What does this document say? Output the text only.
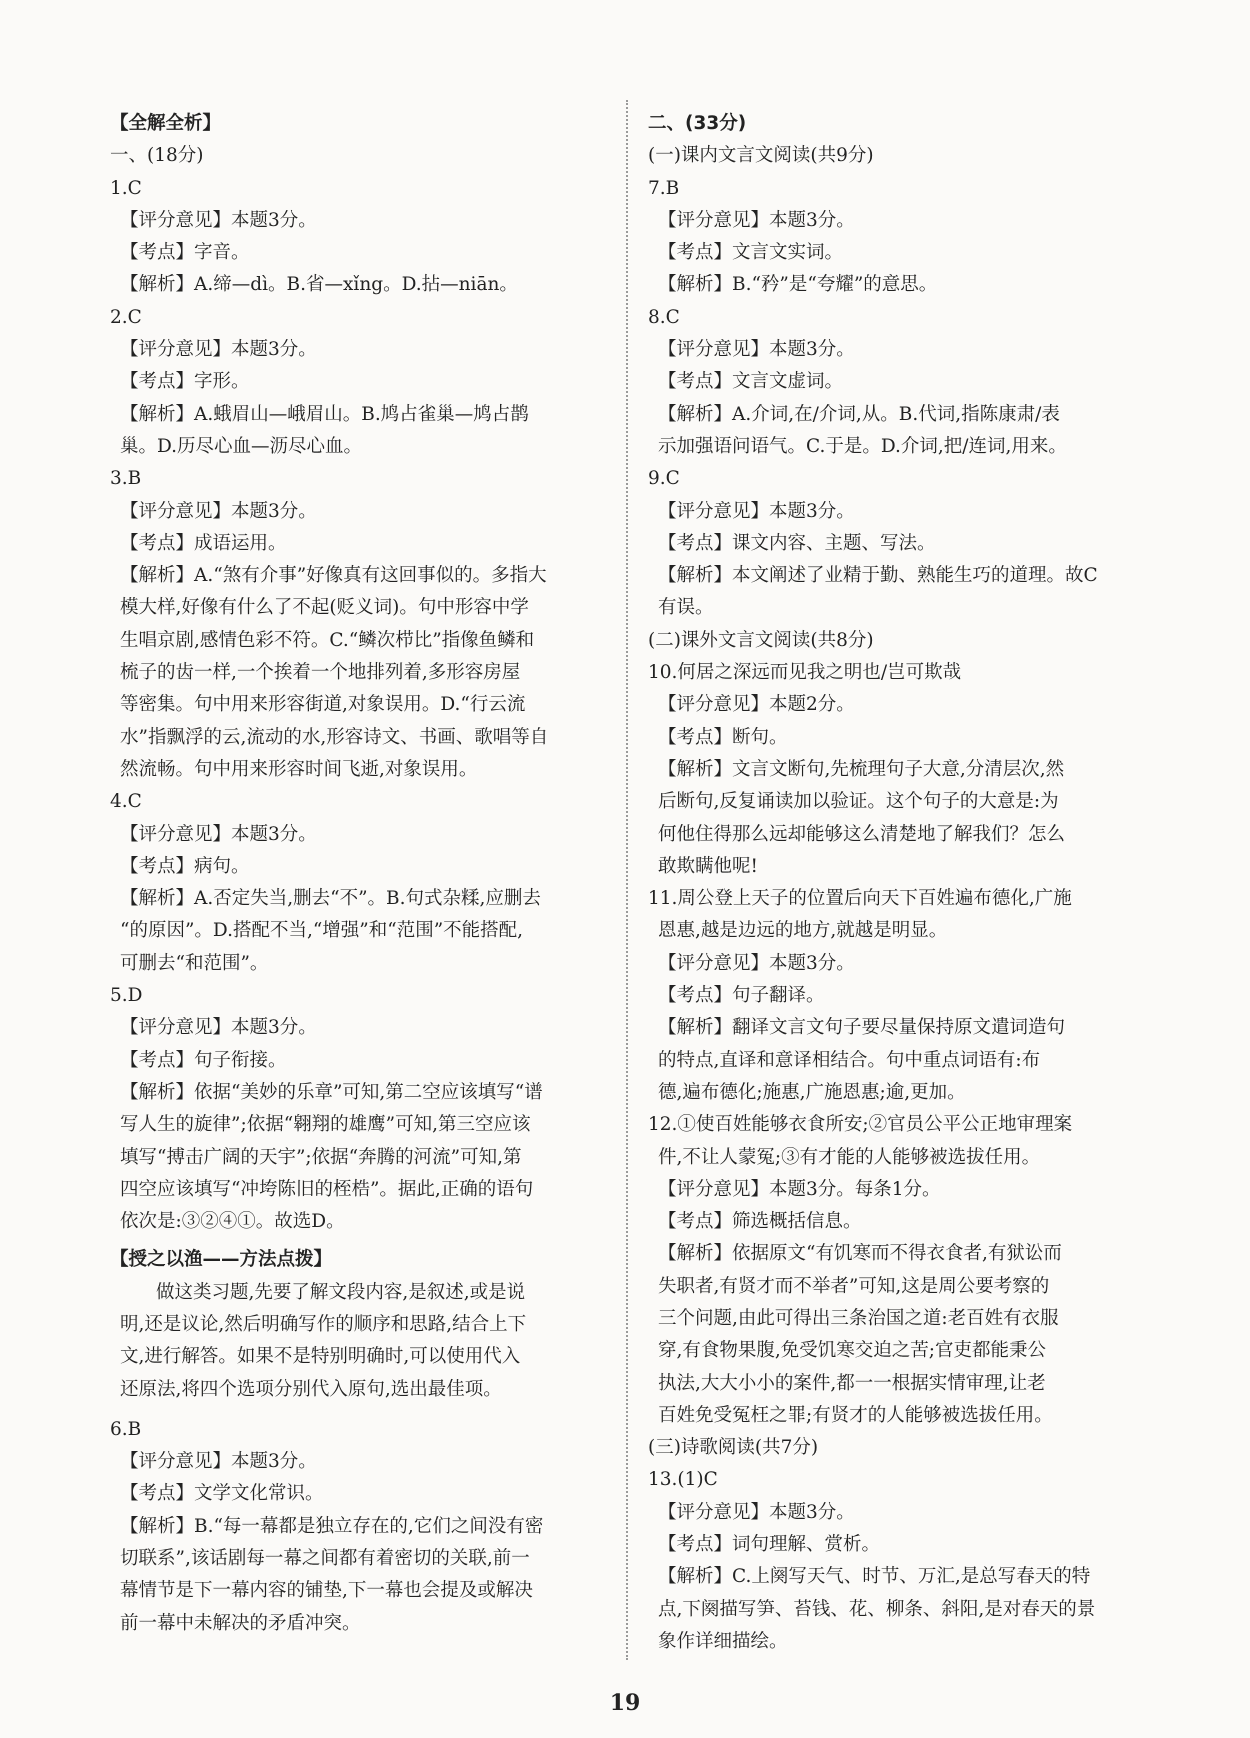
【全解全析】
一、(18分)
1.C
【评分意见】本题3分。
【考点】字音。
【解析】A.缔—dì。B.省—xǐng。D.拈—niān。
2.C
【评分意见】本题3分。
【考点】字形。
【解析】A.蛾眉山—峨眉山。B.鸠占雀巢—鸠占鹊
巢。D.历尽心血—沥尽心血。
3.B
【评分意见】本题3分。
【考点】成语运用。
【解析】A.“煞有介事”好像真有这回事似的。多指大
模大样,好像有什么了不起(贬义词)。句中形容中学
生唱京剧,感情色彩不符。C.“鳞次栉比”指像鱼鳞和
梳子的齿一样,一个挨着一个地排列着,多形容房屋
等密集。句中用来形容街道,对象误用。D.“行云流
水”指飘浮的云,流动的水,形容诗文、书画、歌唱等自
然流畅。句中用来形容时间飞逝,对象误用。
4.C
【评分意见】本题3分。
【考点】病句。
【解析】A.否定失当,删去“不”。B.句式杂糅,应删去
“的原因”。D.搭配不当,“增强”和“范围”不能搭配,
可删去“和范围”。
5.D
【评分意见】本题3分。
【考点】句子衔接。
【解析】依据“美妙的乐章”可知,第二空应该填写“谱
写人生的旋律”;依据“翱翔的雄鹰”可知,第三空应该
填写“搏击广阔的天宇”;依据“奔腾的河流”可知,第
四空应该填写“冲垮陈旧的桎梏”。据此,正确的语句
依次是:③②④①。故选D。
【授之以渔——方法点拨】
做这类习题,先要了解文段内容,是叙述,或是说
明,还是议论,然后明确写作的顺序和思路,结合上下
文,进行解答。如果不是特别明确时,可以使用代入
还原法,将四个选项分别代入原句,选出最佳项。
6.B
【评分意见】本题3分。
【考点】文学文化常识。
【解析】B.“每一幕都是独立存在的,它们之间没有密
切联系”,该话剧每一幕之间都有着密切的关联,前一
幕情节是下一幕内容的铺垫,下一幕也会提及或解决
前一幕中未解决的矛盾冲突。
二、(33分)
(一)课内文言文阅读(共9分)
7.B
【评分意见】本题3分。
【考点】文言文实词。
【解析】B.“矜”是“夸耀”的意思。
8.C
【评分意见】本题3分。
【考点】文言文虚词。
【解析】A.介词,在/介词,从。B.代词,指陈康肃/表
示加强语问语气。C.于是。D.介词,把/连词,用来。
9.C
【评分意见】本题3分。
【考点】课文内容、主题、写法。
【解析】本文阐述了业精于勤、熟能生巧的道理。故C
有误。
(二)课外文言文阅读(共8分)
10.何居之深远而见我之明也/岂可欺哉
【评分意见】本题2分。
【考点】断句。
【解析】文言文断句,先梳理句子大意,分清层次,然
后断句,反复诵读加以验证。这个句子的大意是:为
何他住得那么远却能够这么清楚地了解我们？怎么
敢欺瞒他呢!
11.周公登上天子的位置后向天下百姓遍布德化,广施
恩惠,越是边远的地方,就越是明显。
【评分意见】本题3分。
【考点】句子翻译。
【解析】翻译文言文句子要尽量保持原文遣词造句
的特点,直译和意译相结合。句中重点词语有:布
德,遍布德化;施惠,广施恩惠;逾,更加。
12.①使百姓能够衣食所安;②官员公平公正地审理案
件,不让人蒙冤;③有才能的人能够被选拔任用。
【评分意见】本题3分。每条1分。
【考点】筛选概括信息。
【解析】依据原文“有饥寒而不得衣食者,有狱讼而
失职者,有贤才而不举者”可知,这是周公要考察的
三个问题,由此可得出三条治国之道:老百姓有衣服
穿,有食物果腹,免受饥寒交迫之苦;官吏都能秉公
执法,大大小小的案件,都一一根据实情审理,让老
百姓免受冤枉之罪;有贤才的人能够被选拔任用。
(三)诗歌阅读(共7分)
13.(1)C
【评分意见】本题3分。
【考点】词句理解、赏析。
【解析】C.上阕写天气、时节、万汇,是总写春天的特
点,下阕描写笋、苔钱、花、柳条、斜阳,是对春天的景
象作详细描绘。
19
